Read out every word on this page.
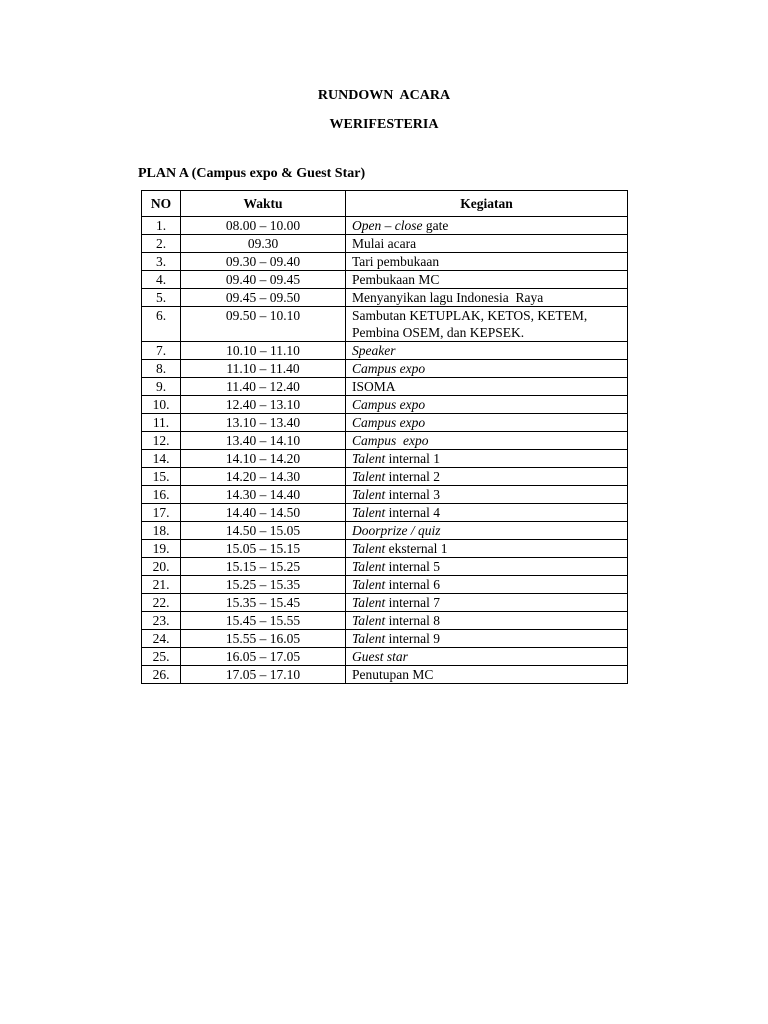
RUNDOWN  ACARA
WERIFESTERIA
PLAN A (Campus expo & Guest Star)
NO	Waktu	Kegiatan
1.	08.00 – 10.00	Open – close gate
2.	09.30	Mulai acara
3.	09.30 – 09.40	Tari pembukaan
4.	09.40 – 09.45	Pembukaan MC
5.	09.45 – 09.50	Menyanyikan lagu Indonesia  Raya
6.	09.50 – 10.10	Sambutan KETUPLAK, KETOS, KETEM, Pembina OSEM, dan KEPSEK.
7.	10.10 – 11.10	Speaker
8.	11.10 – 11.40	Campus expo
9.	11.40 – 12.40	ISOMA
10.	12.40 – 13.10	Campus expo
11.	13.10 – 13.40	Campus expo
12.	13.40 – 14.10	Campus  expo
14.	14.10 – 14.20	Talent internal 1
15.	14.20 – 14.30	Talent internal 2
16.	14.30 – 14.40	Talent internal 3
17.	14.40 – 14.50	Talent internal 4
18.	14.50 – 15.05	Doorprize / quiz
19.	15.05 – 15.15	Talent eksternal 1
20.	15.15 – 15.25	Talent internal 5
21.	15.25 – 15.35	Talent internal 6
22.	15.35 – 15.45	Talent internal 7
23.	15.45 – 15.55	Talent internal 8
24.	15.55 – 16.05	Talent internal 9
25.	16.05 – 17.05	Guest star
26.	17.05 – 17.10	Penutupan MC
